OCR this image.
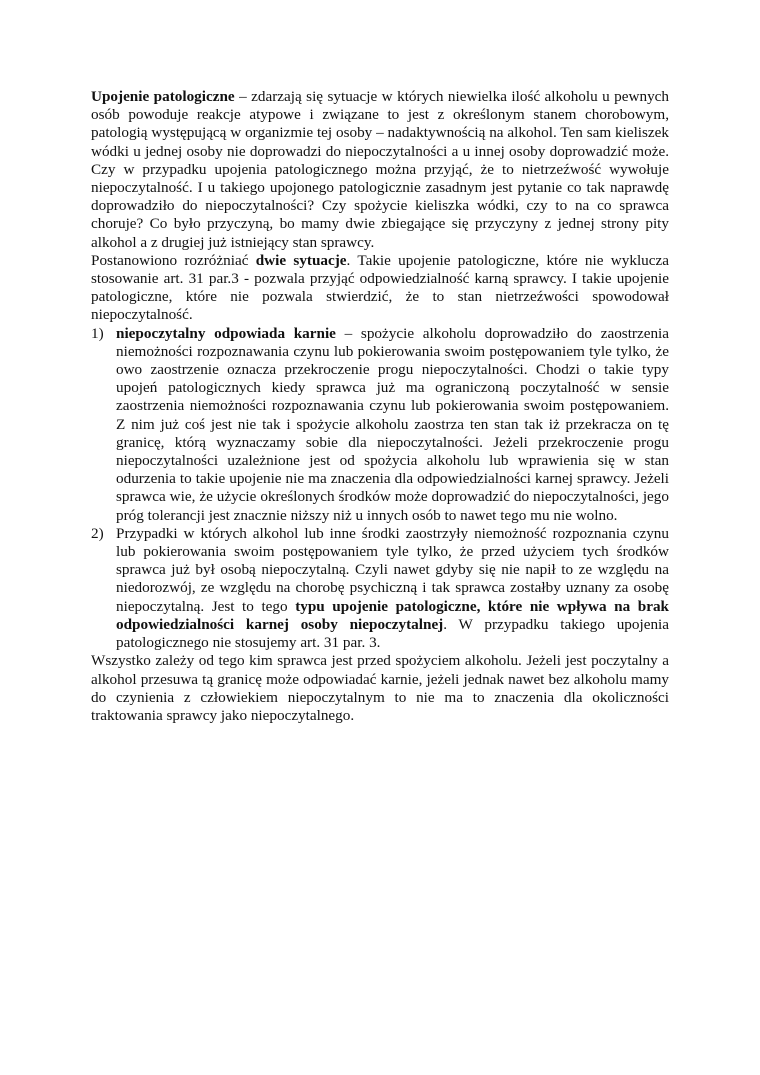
Upojenie patologiczne – zdarzają się sytuacje w których niewielka ilość alkoholu u pewnych osób powoduje reakcje atypowe i związane to jest z określonym stanem chorobowym, patologią występującą w organizmie tej osoby – nadaktywnością na alkohol. Ten sam kieliszek wódki u jednej osoby nie doprowadzi do niepoczytalności a u innej osoby doprowadzić może. Czy w przypadku upojenia patologicznego można przyjąć, że to nietrzeźwość wywołuje niepoczytalność. I u takiego upojonego patologicznie zasadnym jest pytanie co tak naprawdę doprowadziło do niepoczytalności? Czy spożycie kieliszka wódki, czy to na co sprawca choruje? Co było przyczyną, bo mamy dwie zbiegające się przyczyny z jednej strony pity alkohol a z drugiej już istniejący stan sprawcy.

Postanowiono rozróżniać dwie sytuacje. Takie upojenie patologiczne, które nie wyklucza stosowanie art. 31 par.3 - pozwala przyjąć odpowiedzialność karną sprawcy. I takie upojenie patologiczne, które nie pozwala stwierdzić, że to stan nietrzeźwości spowodował niepoczytalność.

1) niepoczytalny odpowiada karnie – spożycie alkoholu doprowadziło do zaostrzenia niemożności rozpoznawania czynu lub pokierowania swoim postępowaniem tyle tylko, że owo zaostrzenie oznacza przekroczenie progu niepoczytalności. Chodzi o takie typy upojeń patologicznych kiedy sprawca już ma ograniczoną poczytalność w sensie zaostrzenia niemożności rozpoznawania czynu lub pokierowania swoim postępowaniem. Z nim już coś jest nie tak i spożycie alkoholu zaostrza ten stan tak iż przekracza on tę granicę, którą wyznaczamy sobie dla niepoczytalności. Jeżeli przekroczenie progu niepoczytalności uzależnione jest od spożycia alkoholu lub wprawienia się w stan odurzenia to takie upojenie nie ma znaczenia dla odpowiedzialności karnej sprawcy. Jeżeli sprawca wie, że użycie określonych środków może doprowadzić do niepoczytalności, jego próg tolerancji jest znacznie niższy niż u innych osób to nawet tego mu nie wolno.
2) Przypadki w których alkohol lub inne środki zaostrzyły niemożność rozpoznania czynu lub pokierowania swoim postępowaniem tyle tylko, że przed użyciem tych środków sprawca już był osobą niepoczytalną. Czyli nawet gdyby się nie napił to ze względu na niedorozwój, ze względu na chorobę psychiczną i tak sprawca zostałby uznany za osobę niepoczytalną. Jest to tego typu upojenie patologiczne, które nie wpływa na brak odpowiedzialności karnej osoby niepoczytalnej. W przypadku takiego upojenia patologicznego nie stosujemy art. 31 par. 3.

Wszystko zależy od tego kim sprawca jest przed spożyciem alkoholu. Jeżeli jest poczytalny a alkohol przesuwa tą granicę może odpowiadać karnie, jeżeli jednak nawet bez alkoholu mamy do czynienia z człowiekiem niepoczytalnym to nie ma to znaczenia dla okoliczności traktowania sprawcy jako niepoczytalnego.
